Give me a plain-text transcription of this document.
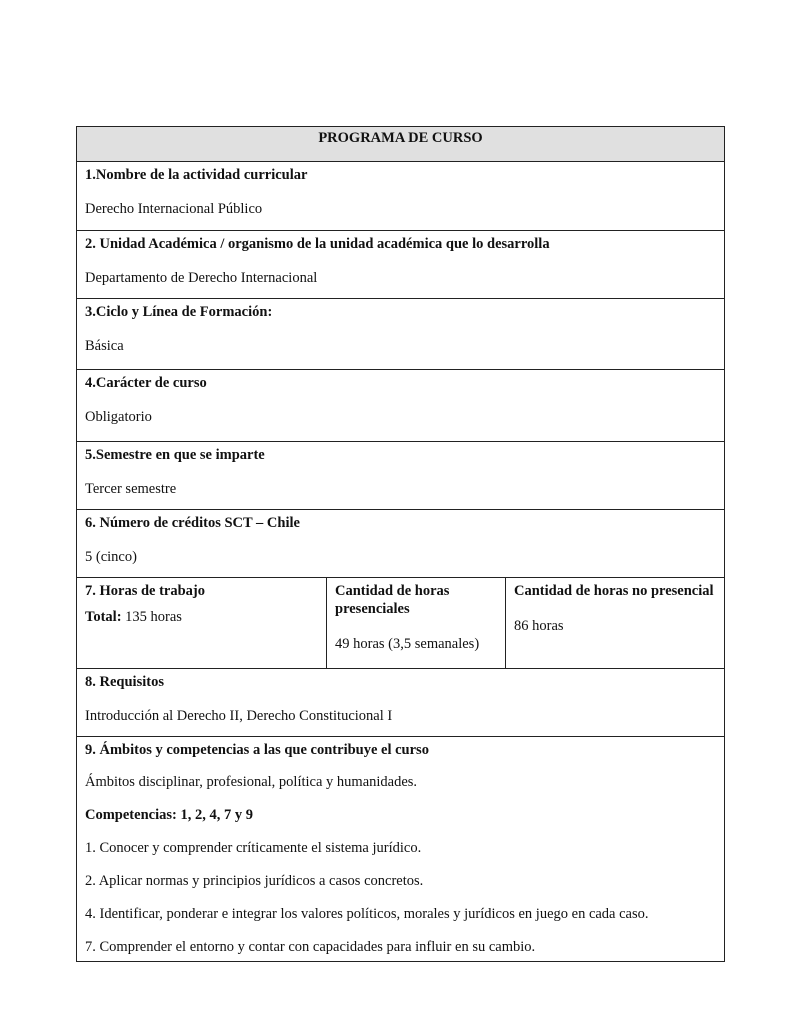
PROGRAMA DE CURSO
1.Nombre de la actividad curricular

Derecho Internacional Público

2. Unidad Académica / organismo de la unidad académica que lo desarrolla

Departamento de Derecho Internacional

3.Ciclo y Línea de Formación:

Básica

4.Carácter de curso

Obligatorio

5.Semestre en que se imparte

Tercer semestre

6. Número de créditos SCT – Chile

5 (cinco)

7. Horas de trabajo

Total: 135 horas

Cantidad de horas presenciales

49 horas (3,5 semanales)

Cantidad de horas no presencial

86 horas

8. Requisitos

Introducción al Derecho II, Derecho Constitucional I

9. Ámbitos y competencias a las que contribuye el curso

Ámbitos disciplinar, profesional, política y humanidades.

Competencias: 1, 2, 4, 7 y 9

1. Conocer y comprender críticamente el sistema jurídico.

2. Aplicar normas y principios jurídicos a casos concretos.

4. Identificar, ponderar e integrar los valores políticos, morales y jurídicos en juego en cada caso.

7. Comprender el entorno y contar con capacidades para influir en su cambio.
